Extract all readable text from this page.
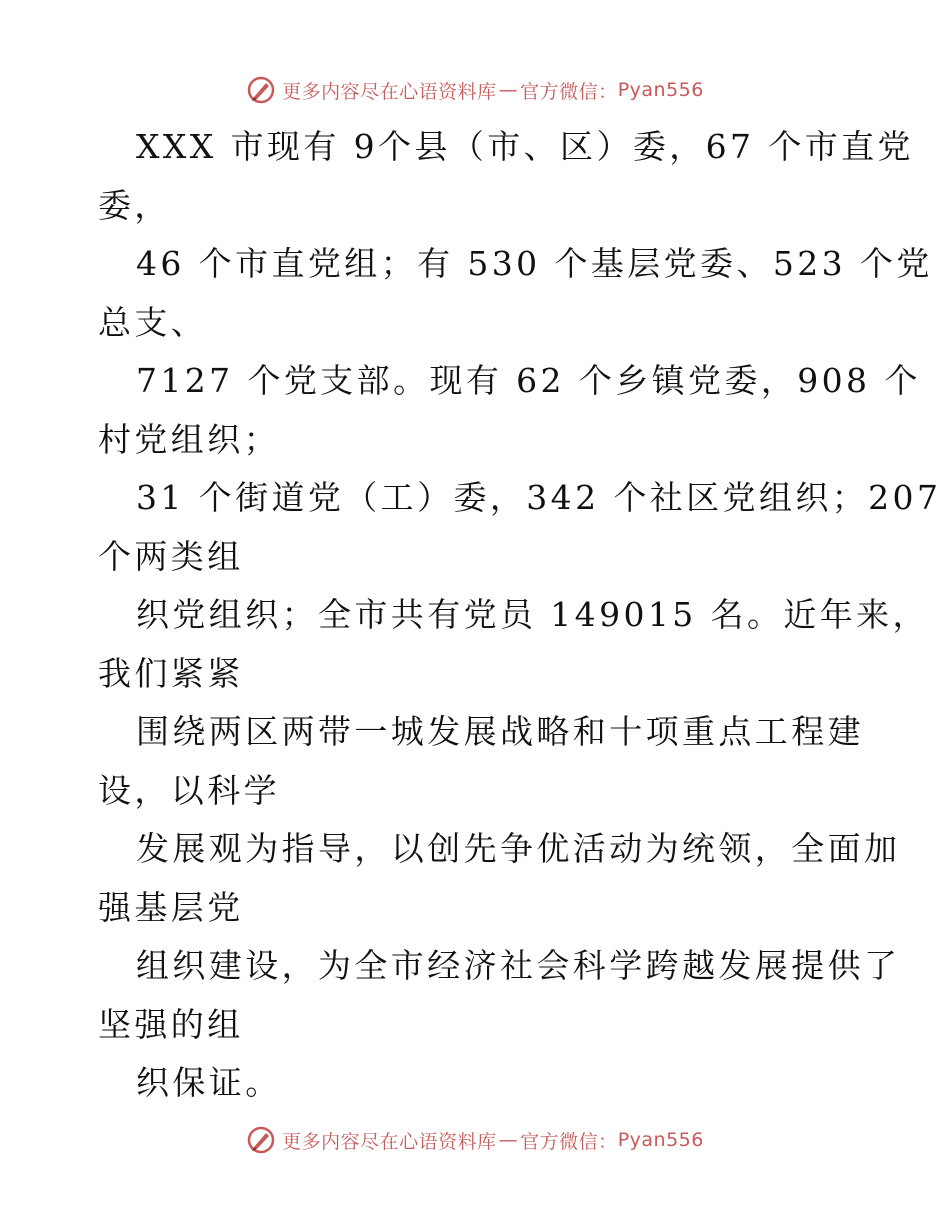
更多内容尽在心语资料库 — 官方微信： Pyan556

XXX 市现有 9个县（市、区）委，67 个市直党
委，

46 个市直党组；有 530 个基层党委、523 个党
总支、

7127 个党支部。现有 62 个乡镇党委，908 个
村党组织；

31 个街道党（工）委，342 个社区党组织；207
个两类组

织党组织；全市共有党员 149015 名。近年来，
我们紧紧

围绕两区两带一城发展战略和十项重点工程建
设，以科学

发展观为指导，以创先争优活动为统领，全面加
强基层党

组织建设，为全市经济社会科学跨越发展提供了
坚强的组

织保证。

更多内容尽在心语资料库 — 官方微信： Pyan556
